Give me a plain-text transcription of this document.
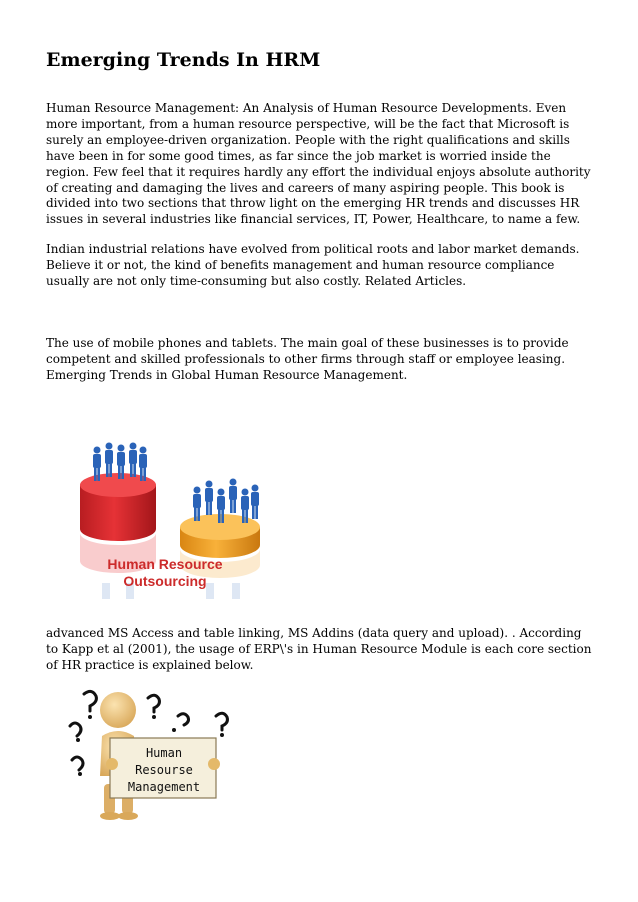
Emerging Trends In HRM

Human Resource Management: An Analysis of Human Resource Developments. Even more important, from a human resource perspective, will be the fact that Microsoft is surely an employee-driven organization. People with the right qualifications and skills have been in for some good times, as far since the job market is worried inside the region. Few feel that it requires hardly any effort the individual enjoys absolute authority of creating and damaging the lives and careers of many aspiring people. This book is divided into two sections that throw light on the emerging HR trends and discusses HR issues in several industries like financial services, IT, Power, Healthcare, to name a few.

Indian industrial relations have evolved from political roots and labor market demands. Believe it or not, the kind of benefits management and human resource compliance usually are not only time-consuming but also costly. Related Articles.

The use of mobile phones and tablets. The main goal of these businesses is to provide competent and skilled professionals to other firms through staff or employee leasing. Emerging Trends in Global Human Resource Management.

Human Resource
Outsourcing

advanced MS Access and table linking, MS Addins (data query and upload). . According to Kapp et al (2001), the usage of ERP\'s in Human Resource Module is each core section of HR practice is explained below.

Human
Resourse
Management
